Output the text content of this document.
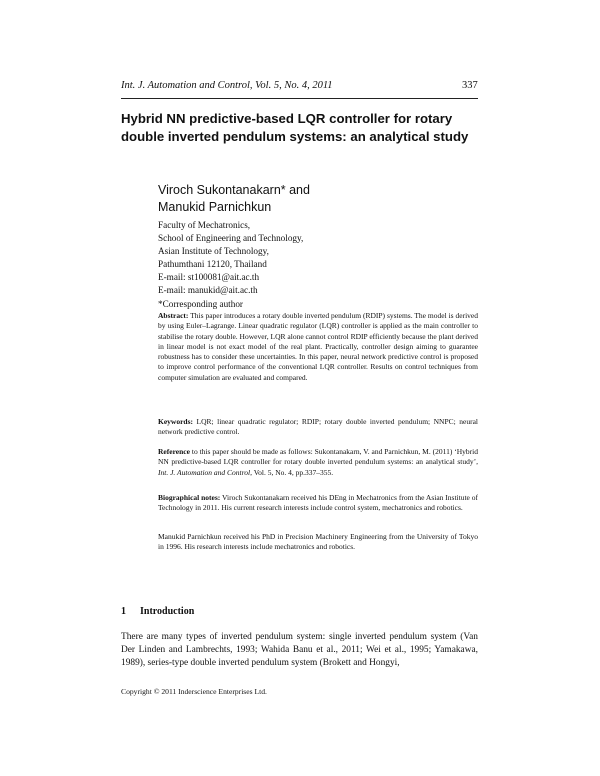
Int. J. Automation and Control, Vol. 5, No. 4, 2011	337
Hybrid NN predictive-based LQR controller for rotary double inverted pendulum systems: an analytical study
Viroch Sukontanakarn* and
Manukid Parnichkun
Faculty of Mechatronics,
School of Engineering and Technology,
Asian Institute of Technology,
Pathumthani 12120, Thailand
E-mail: st100081@ait.ac.th
E-mail: manukid@ait.ac.th
*Corresponding author
Abstract: This paper introduces a rotary double inverted pendulum (RDIP) systems. The model is derived by using Euler–Lagrange. Linear quadratic regulator (LQR) controller is applied as the main controller to stabilise the rotary double. However, LQR alone cannot control RDIP efficiently because the plant derived in linear model is not exact model of the real plant. Practically, controller design aiming to guarantee robustness has to consider these uncertainties. In this paper, neural network predictive control is proposed to improve control performance of the conventional LQR controller. Results on control techniques from computer simulation are evaluated and compared.
Keywords: LQR; linear quadratic regulator; RDIP; rotary double inverted pendulum; NNPC; neural network predictive control.
Reference to this paper should be made as follows: Sukontanakarn, V. and Parnichkun, M. (2011) ‘Hybrid NN predictive-based LQR controller for rotary double inverted pendulum systems: an analytical study’, Int. J. Automation and Control, Vol. 5, No. 4, pp.337–355.
Biographical notes: Viroch Sukontanakarn received his DEng in Mechatronics from the Asian Institute of Technology in 2011. His current research interests include control system, mechatronics and robotics.
Manukid Parnichkun received his PhD in Precision Machinery Engineering from the University of Tokyo in 1996. His research interests include mechatronics and robotics.
1 Introduction
There are many types of inverted pendulum system: single inverted pendulum system (Van Der Linden and Lambrechts, 1993; Wahida Banu et al., 2011; Wei et al., 1995; Yamakawa, 1989), series-type double inverted pendulum system (Brokett and Hongyi,
Copyright © 2011 Inderscience Enterprises Ltd.
